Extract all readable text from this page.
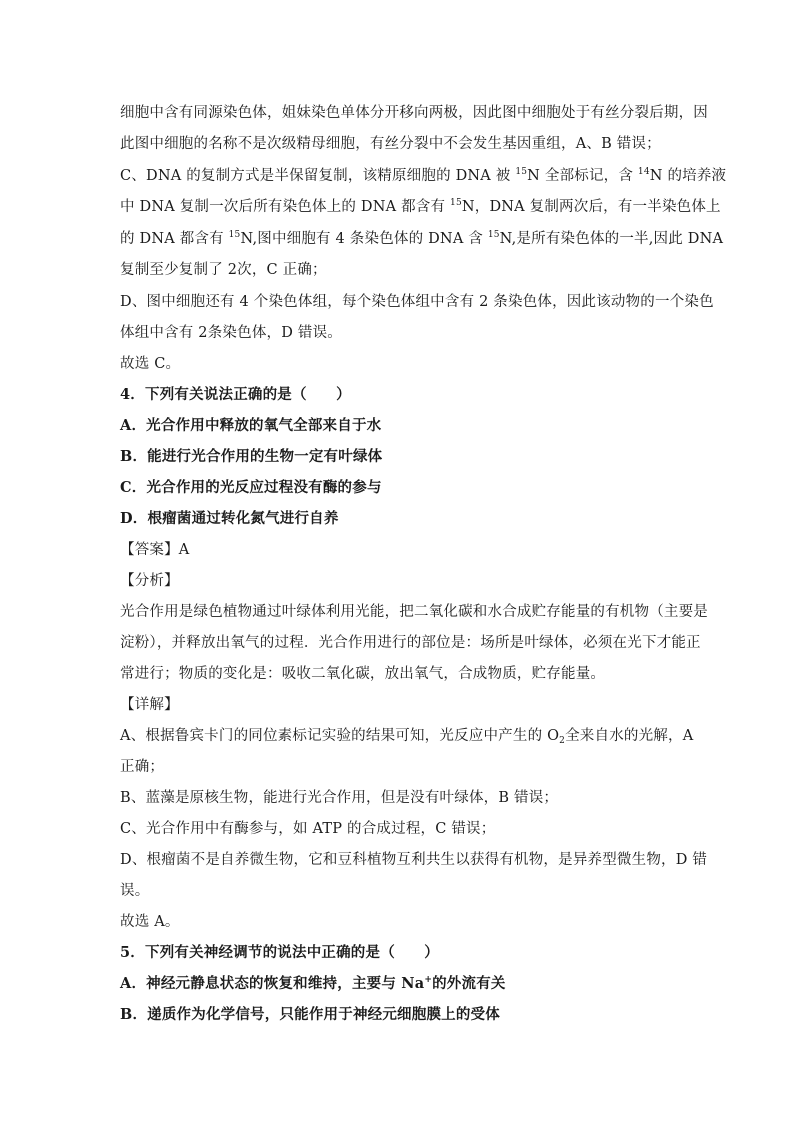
细胞中含有同源染色体，姐妹染色单体分开移向两极，因此图中细胞处于有丝分裂后期，因
此图中细胞的名称不是次级精母细胞，有丝分裂中不会发生基因重组，A、B 错误；
C、DNA 的复制方式是半保留复制，该精原细胞的 DNA 被 $^{15}$N 全部标记，含 $^{14}$N 的培养液
中 DNA 复制一次后所有染色体上的 DNA 都含有 $^{15}$N，DNA 复制两次后，有一半染色体上
的 DNA 都含有 $^{15}$N,图中细胞有 4 条染色体的 DNA 含 $^{15}$N,是所有染色体的一半,因此 DNA
复制至少复制了 2次，C 正确；
D、图中细胞还有 4 个染色体组，每个染色体组中含有 2 条染色体，因此该动物的一个染色
体组中含有 2条染色体，D 错误。
故选 C。
4．下列有关说法正确的是（　　）
A．光合作用中释放的氧气全部来自于水
B．能进行光合作用的生物一定有叶绿体
C．光合作用的光反应过程没有酶的参与
D．根瘤菌通过转化氮气进行自养
【答案】A
【分析】
光合作用是绿色植物通过叶绿体利用光能，把二氧化碳和水合成贮存能量的有机物（主要是
淀粉），并释放出氧气的过程．光合作用进行的部位是：场所是叶绿体，必须在光下才能正
常进行；物质的变化是：吸收二氧化碳，放出氧气，合成物质，贮存能量。
【详解】
A、根据鲁宾卡门的同位素标记实验的结果可知，光反应中产生的 $O_2$全来自水的光解，A
正确；
B、蓝藻是原核生物，能进行光合作用，但是没有叶绿体，B 错误；
C、光合作用中有酶参与，如 ATP 的合成过程，C 错误；
D、根瘤菌不是自养微生物，它和豆科植物互利共生以获得有机物，是异养型微生物，D 错
误。
故选 A。
5．下列有关神经调节的说法中正确的是（　　）
A．神经元静息状态的恢复和维持，主要与 Na+的外流有关
B．递质作为化学信号，只能作用于神经元细胞膜上的受体
